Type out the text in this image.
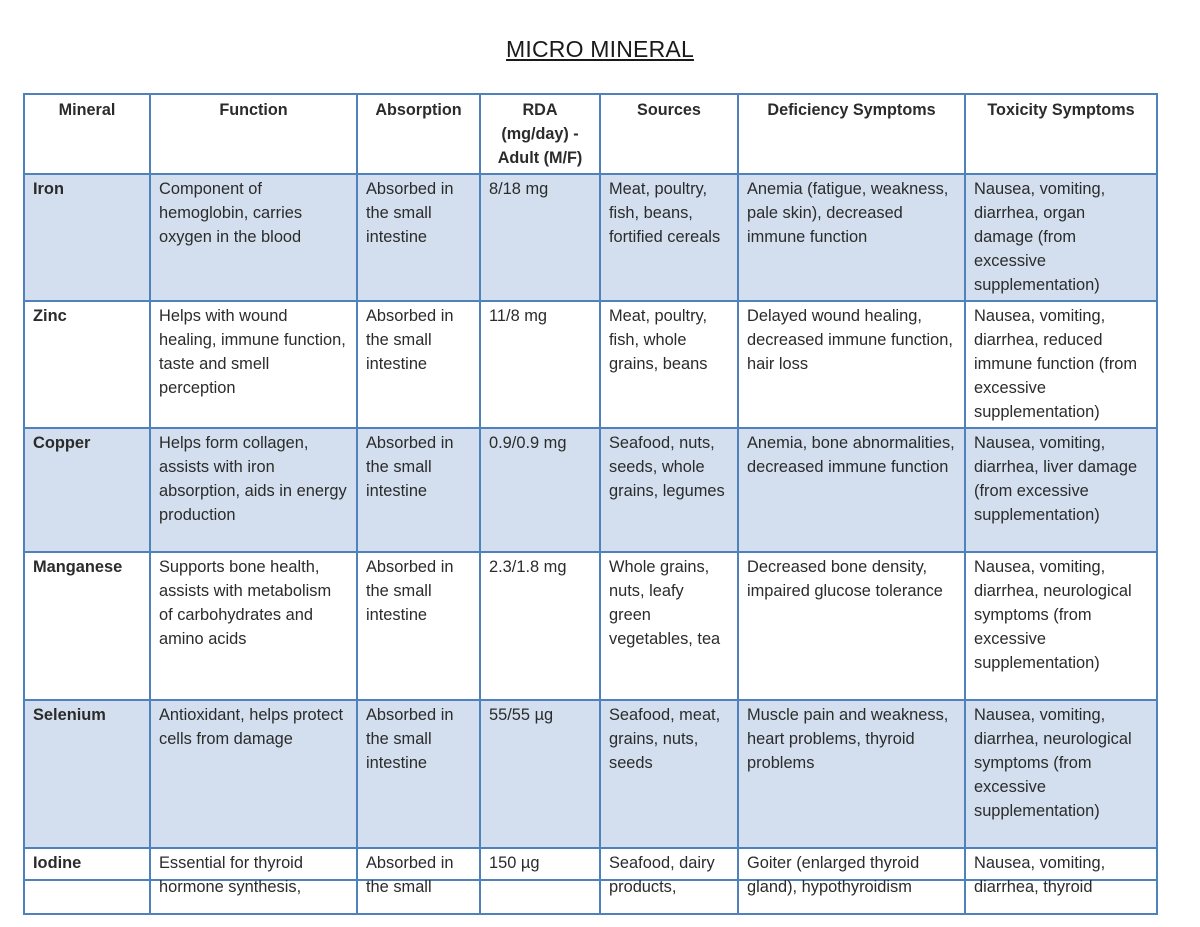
MICRO MINERAL
Mineral	Function	Absorption	RDA (mg/day) - Adult (M/F)	Sources	Deficiency Symptoms	Toxicity Symptoms
Iron	Component of hemoglobin, carries oxygen in the blood	Absorbed in the small intestine	8/18 mg	Meat, poultry, fish, beans, fortified cereals	Anemia (fatigue, weakness, pale skin), decreased immune function	Nausea, vomiting, diarrhea, organ damage (from excessive supplementation)
Zinc	Helps with wound healing, immune function, taste and smell perception	Absorbed in the small intestine	11/8 mg	Meat, poultry, fish, whole grains, beans	Delayed wound healing, decreased immune function, hair loss	Nausea, vomiting, diarrhea, reduced immune function (from excessive supplementation)
Copper	Helps form collagen, assists with iron absorption, aids in energy production	Absorbed in the small intestine	0.9/0.9 mg	Seafood, nuts, seeds, whole grains, legumes	Anemia, bone abnormalities, decreased immune function	Nausea, vomiting, diarrhea, liver damage (from excessive supplementation)
Manganese	Supports bone health, assists with metabolism of carbohydrates and amino acids	Absorbed in the small intestine	2.3/1.8 mg	Whole grains, nuts, leafy green vegetables, tea	Decreased bone density, impaired glucose tolerance	Nausea, vomiting, diarrhea, neurological symptoms (from excessive supplementation)
Selenium	Antioxidant, helps protect cells from damage	Absorbed in the small intestine	55/55 µg	Seafood, meat, grains, nuts, seeds	Muscle pain and weakness, heart problems, thyroid problems	Nausea, vomiting, diarrhea, neurological symptoms (from excessive supplementation)
Iodine	Essential for thyroid hormone synthesis,	Absorbed in the small	150 µg	Seafood, dairy products,	Goiter (enlarged thyroid gland), hypothyroidism	Nausea, vomiting, diarrhea, thyroid
